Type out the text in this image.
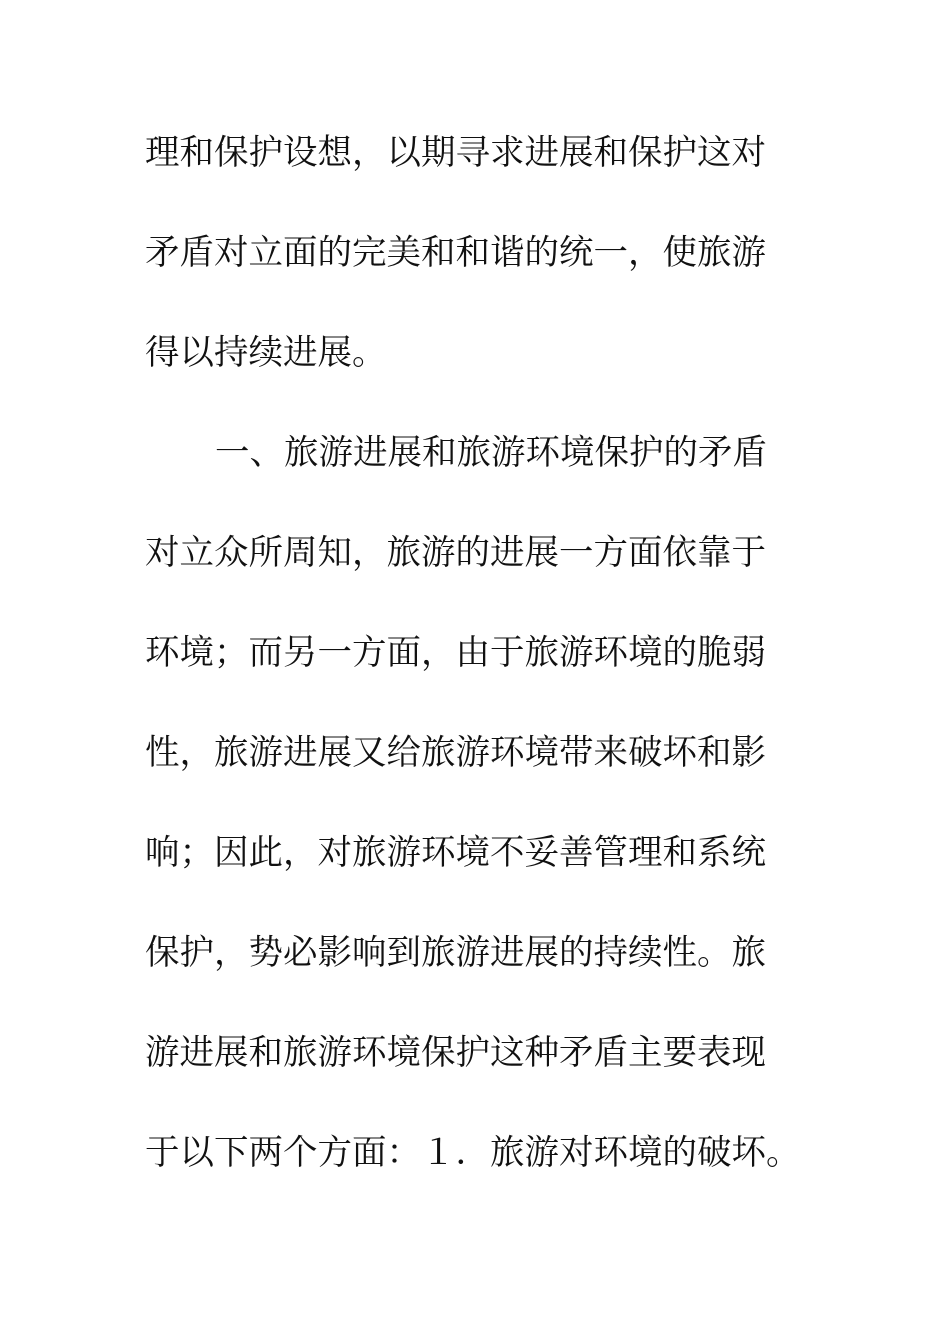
理和保护设想，以期寻求进展和保护这对
矛盾对立面的完美和和谐的统一，使旅游
得以持续进展。
一、旅游进展和旅游环境保护的矛盾
对立众所周知，旅游的进展一方面依靠于
环境；而另一方面，由于旅游环境的脆弱
性，旅游进展又给旅游环境带来破坏和影
响；因此，对旅游环境不妥善管理和系统
保护，势必影响到旅游进展的持续性。旅
游进展和旅游环境保护这种矛盾主要表现
于以下两个方面：１．旅游对环境的破坏。
